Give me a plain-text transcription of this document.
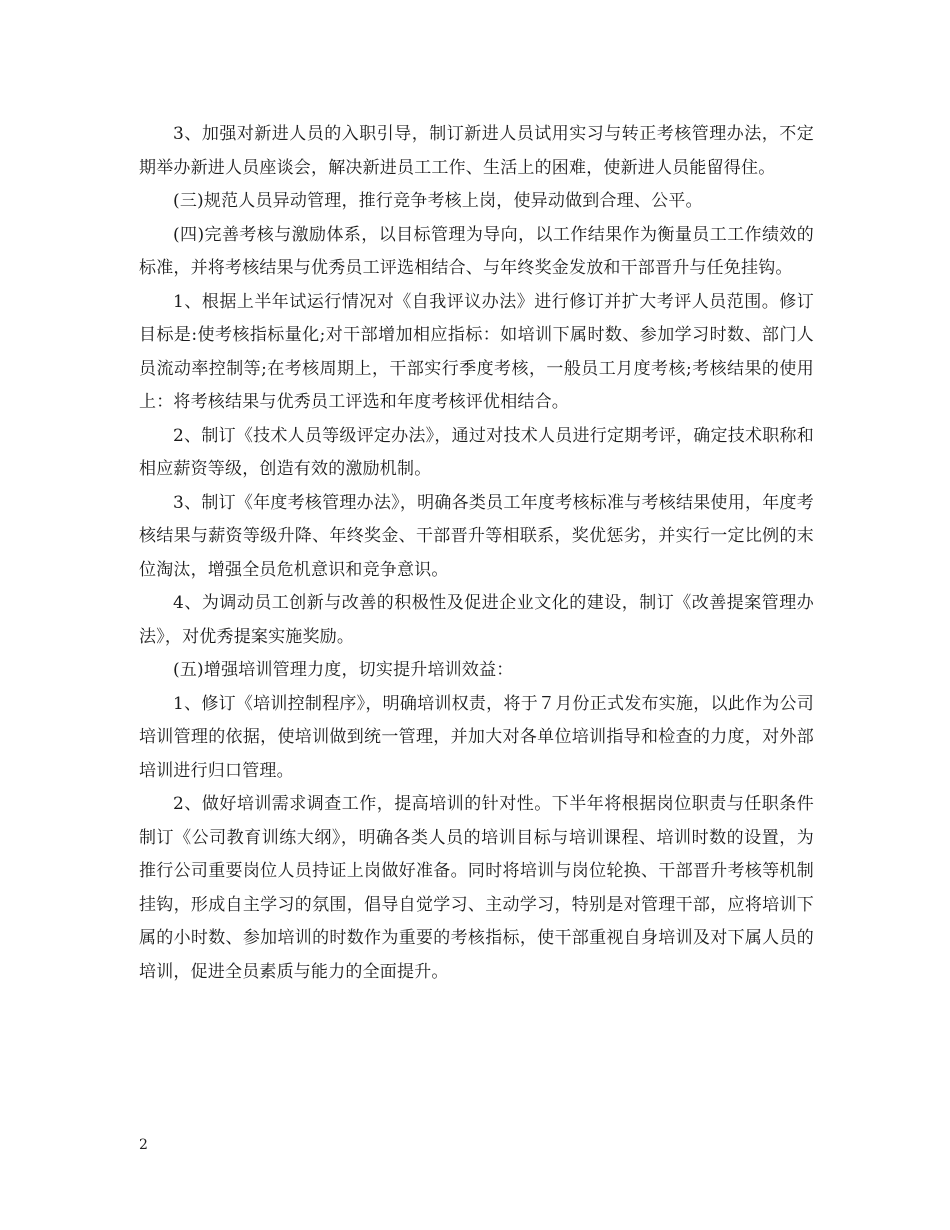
3、加强对新进人员的入职引导，制订新进人员试用实习与转正考核管理办法，不定期举办新进人员座谈会，解决新进员工工作、生活上的困难，使新进人员能留得住。

(三)规范人员异动管理，推行竞争考核上岗，使异动做到合理、公平。

(四)完善考核与激励体系，以目标管理为导向，以工作结果作为衡量员工工作绩效的标准，并将考核结果与优秀员工评选相结合、与年终奖金发放和干部晋升与任免挂钩。

1、根据上半年试运行情况对《自我评议办法》进行修订并扩大考评人员范围。修订目标是:使考核指标量化;对干部增加相应指标：如培训下属时数、参加学习时数、部门人员流动率控制等;在考核周期上，干部实行季度考核，一般员工月度考核;考核结果的使用上：将考核结果与优秀员工评选和年度考核评优相结合。

2、制订《技术人员等级评定办法》，通过对技术人员进行定期考评，确定技术职称和相应薪资等级，创造有效的激励机制。

3、制订《年度考核管理办法》，明确各类员工年度考核标准与考核结果使用，年度考核结果与薪资等级升降、年终奖金、干部晋升等相联系，奖优惩劣，并实行一定比例的末位淘汰，增强全员危机意识和竞争意识。

4、为调动员工创新与改善的积极性及促进企业文化的建设，制订《改善提案管理办法》，对优秀提案实施奖励。

(五)增强培训管理力度，切实提升培训效益：

1、修订《培训控制程序》，明确培训权责，将于７月份正式发布实施，以此作为公司培训管理的依据，使培训做到统一管理，并加大对各单位培训指导和检查的力度，对外部培训进行归口管理。

2、做好培训需求调查工作，提高培训的针对性。下半年将根据岗位职责与任职条件制订《公司教育训练大纲》，明确各类人员的培训目标与培训课程、培训时数的设置，为推行公司重要岗位人员持证上岗做好准备。同时将培训与岗位轮换、干部晋升考核等机制挂钩，形成自主学习的氛围，倡导自觉学习、主动学习，特别是对管理干部，应将培训下属的小时数、参加培训的时数作为重要的考核指标，使干部重视自身培训及对下属人员的培训，促进全员素质与能力的全面提升。

2
